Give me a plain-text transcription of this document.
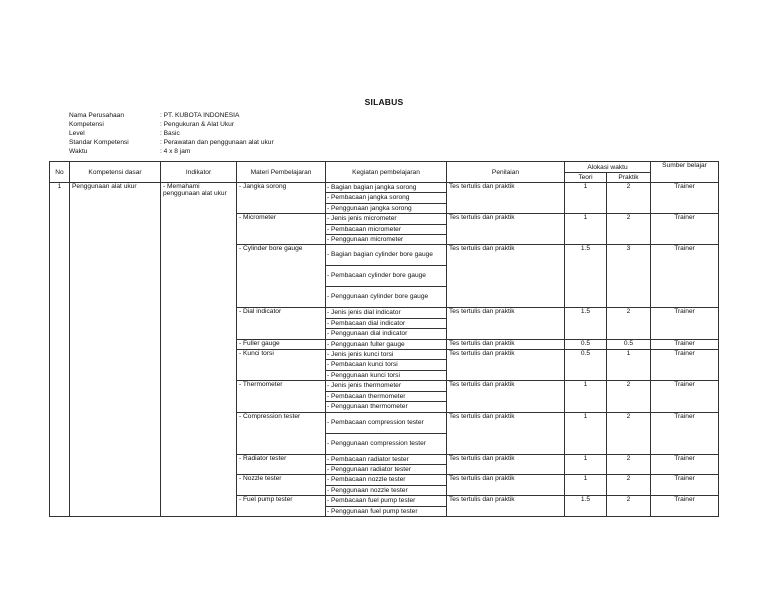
SILABUS
Nama Perusahaan	: PT. KUBOTA INDONESIA
Kompetensi	: Pengukuran & Alat Ukur
Level	: Basic
Standar Kompetensi	: Perawatan dan penggunaan alat ukur
Waktu	: 4 x 8 jam
No	Kompetensi dasar	Indikator	Materi Pembelajaran	Kegiatan pembelajaran	Penilaian	Alokasi waktu	Sumber belajar
Teori	Praktik
1	Penggunaan alat ukur	- Memahami
penggunaan alat ukur
	- Jangka sorong		- Bagian bagian jangka sorong
- Pembacaan jangka sorong
- Penggunaan jangka sorong
	Tes tertulis dan praktik	1	2	Trainer
- Micrometer		- Jenis jenis micrometer
- Pembacaan micrometer
- Penggunaan micrometer
	Tes tertulis dan praktik	1	2	Trainer
- Cylinder bore gauge	
- Bagian bagian cylinder bore gauge
- Pembacaan cylinder bore gauge
- Penggunaan cylinder bore gauge
	Tes tertulis dan praktik	1.5	3	Trainer
- Dial indicator		- Jenis jenis dial indicator
- Pembacaan dial indicator
- Penggunaan dial indicator
	Tes tertulis dan praktik	1.5	2	Trainer
- Fuller gauge		- Penggunaan fuller gauge
		Tes tertulis dan praktik	0.5	0.5	Trainer
- Kunci torsi		- Jenis jenis kunci torsi
- Pembacaan kunci torsi
- Penggunaan kunci torsi
	Tes tertulis dan praktik	0.5	1	Trainer
- Thermometer		- Jenis jenis thermometer
- Pembacaan thermometer
- Penggunaan thermometer
	Tes tertulis dan praktik	1	2	Trainer
- Compression tester	
- Pembacaan compression tester
- Penggunaan compression tester
	Tes tertulis dan praktik	1	2	Trainer
- Radiator tester		- Pembacaan radiator tester
- Penggunaan radiator tester
	Tes tertulis dan praktik	1	2	Trainer
- Nozzle tester		- Pembacaan nozzle tester
- Penggunaan nozzle tester
	Tes tertulis dan praktik	1	2	Trainer
- Fuel pump tester		- Pembacaan fuel pump tester
- Penggunaan fuel pump tester
	Tes tertulis dan praktik	1.5	2	Trainer
